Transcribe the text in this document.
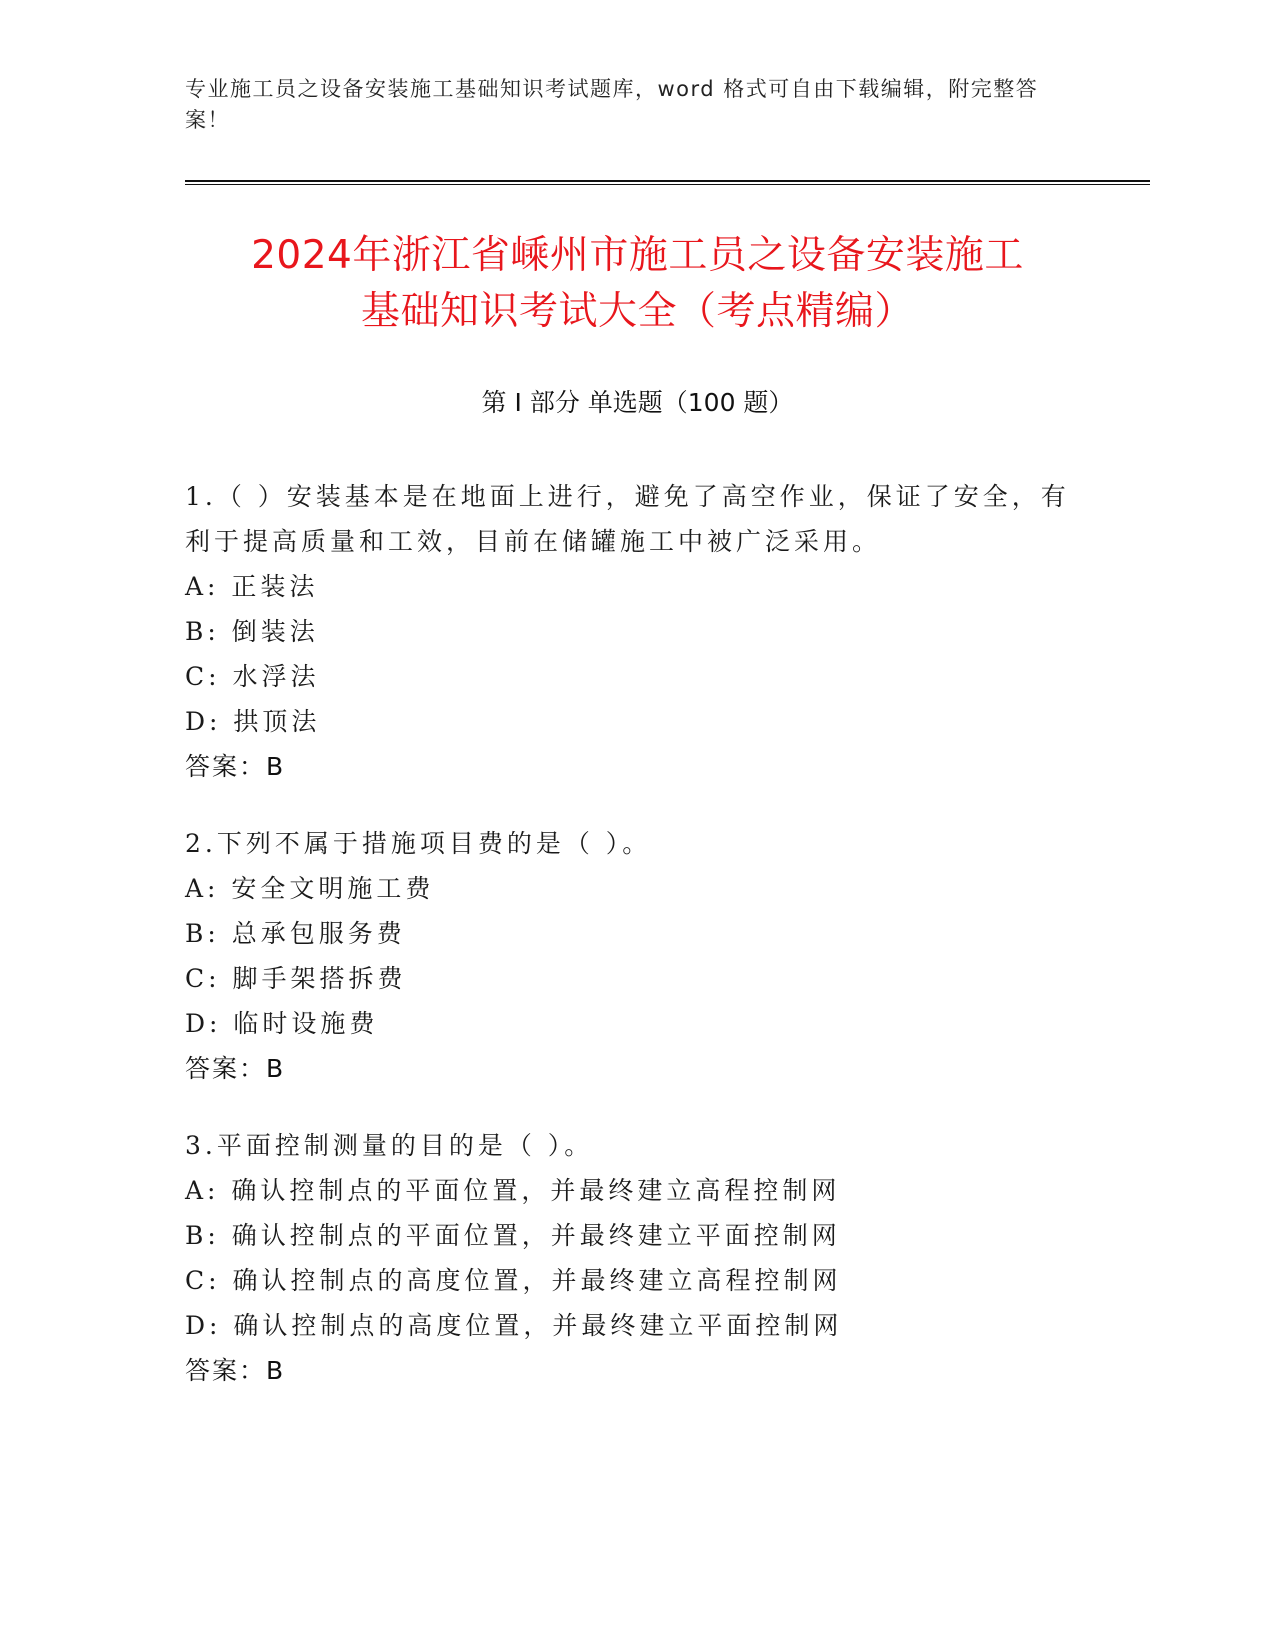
专业施工员之设备安装施工基础知识考试题库，word 格式可自由下载编辑，附完整答案！
2024年浙江省嵊州市施工员之设备安装施工
基础知识考试大全（考点精编）
第 I 部分 单选题（100 题）
1.（ ）安装基本是在地面上进行，避免了高空作业，保证了安全，有利于提高质量和工效，目前在储罐施工中被广泛采用。
A: 正装法
B: 倒装法
C: 水浮法
D: 拱顶法
答案：B
2.下列不属于措施项目费的是（ ）。
A: 安全文明施工费
B: 总承包服务费
C: 脚手架搭拆费
D: 临时设施费
答案：B
3.平面控制测量的目的是（ ）。
A: 确认控制点的平面位置，并最终建立高程控制网
B: 确认控制点的平面位置，并最终建立平面控制网
C: 确认控制点的高度位置，并最终建立高程控制网
D: 确认控制点的高度位置，并最终建立平面控制网
答案：B
